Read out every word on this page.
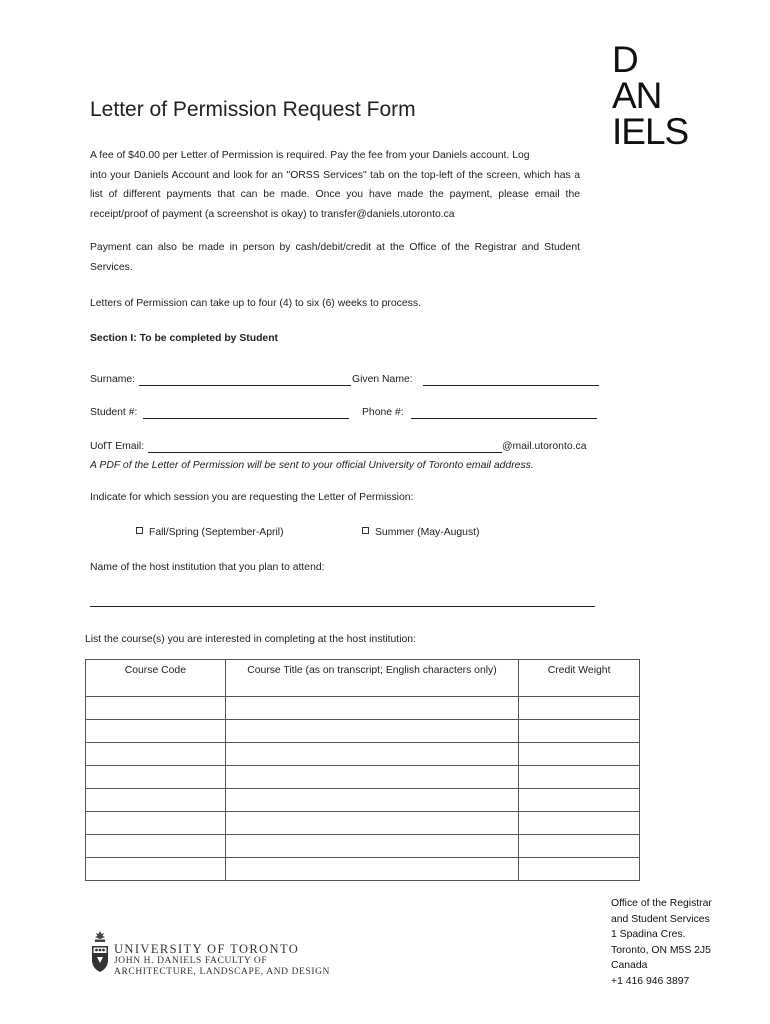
D
AN
IELS
Letter of Permission Request Form
A fee of $40.00 per Letter of Permission is required. Pay the fee from your Daniels account. Log
into your Daniels Account and look for an "ORSS Services" tab on the top-left of the screen, which has a list of different payments that can be made. Once you have made the payment, please email the receipt/proof of payment (a screenshot is okay) to transfer@daniels.utoronto.ca
Payment can also be made in person by cash/debit/credit at the Office of the Registrar and Student Services.
Letters of Permission can take up to four (4) to six (6) weeks to process.
Section I: To be completed by Student
Surname:	Given Name:
Student #:	Phone #:
UofT Email:	@mail.utoronto.ca
A PDF of the Letter of Permission will be sent to your official University of Toronto email address.
Indicate for which session you are requesting the Letter of Permission:
Fall/Spring (September-April)	Summer (May-August)
Name of the host institution that you plan to attend:
List the course(s) you are interested in completing at the host institution:
Course Code	Course Title (as on transcript; English characters only)	Credit Weight

Office of the Registrar
and Student Services
1 Spadina Cres.
Toronto, ON M5S 2J5
Canada
+1 416 946 3897
UNIVERSITY OF TORONTO
JOHN H. DANIELS FACULTY OF
ARCHITECTURE, LANDSCAPE, AND DESIGN
